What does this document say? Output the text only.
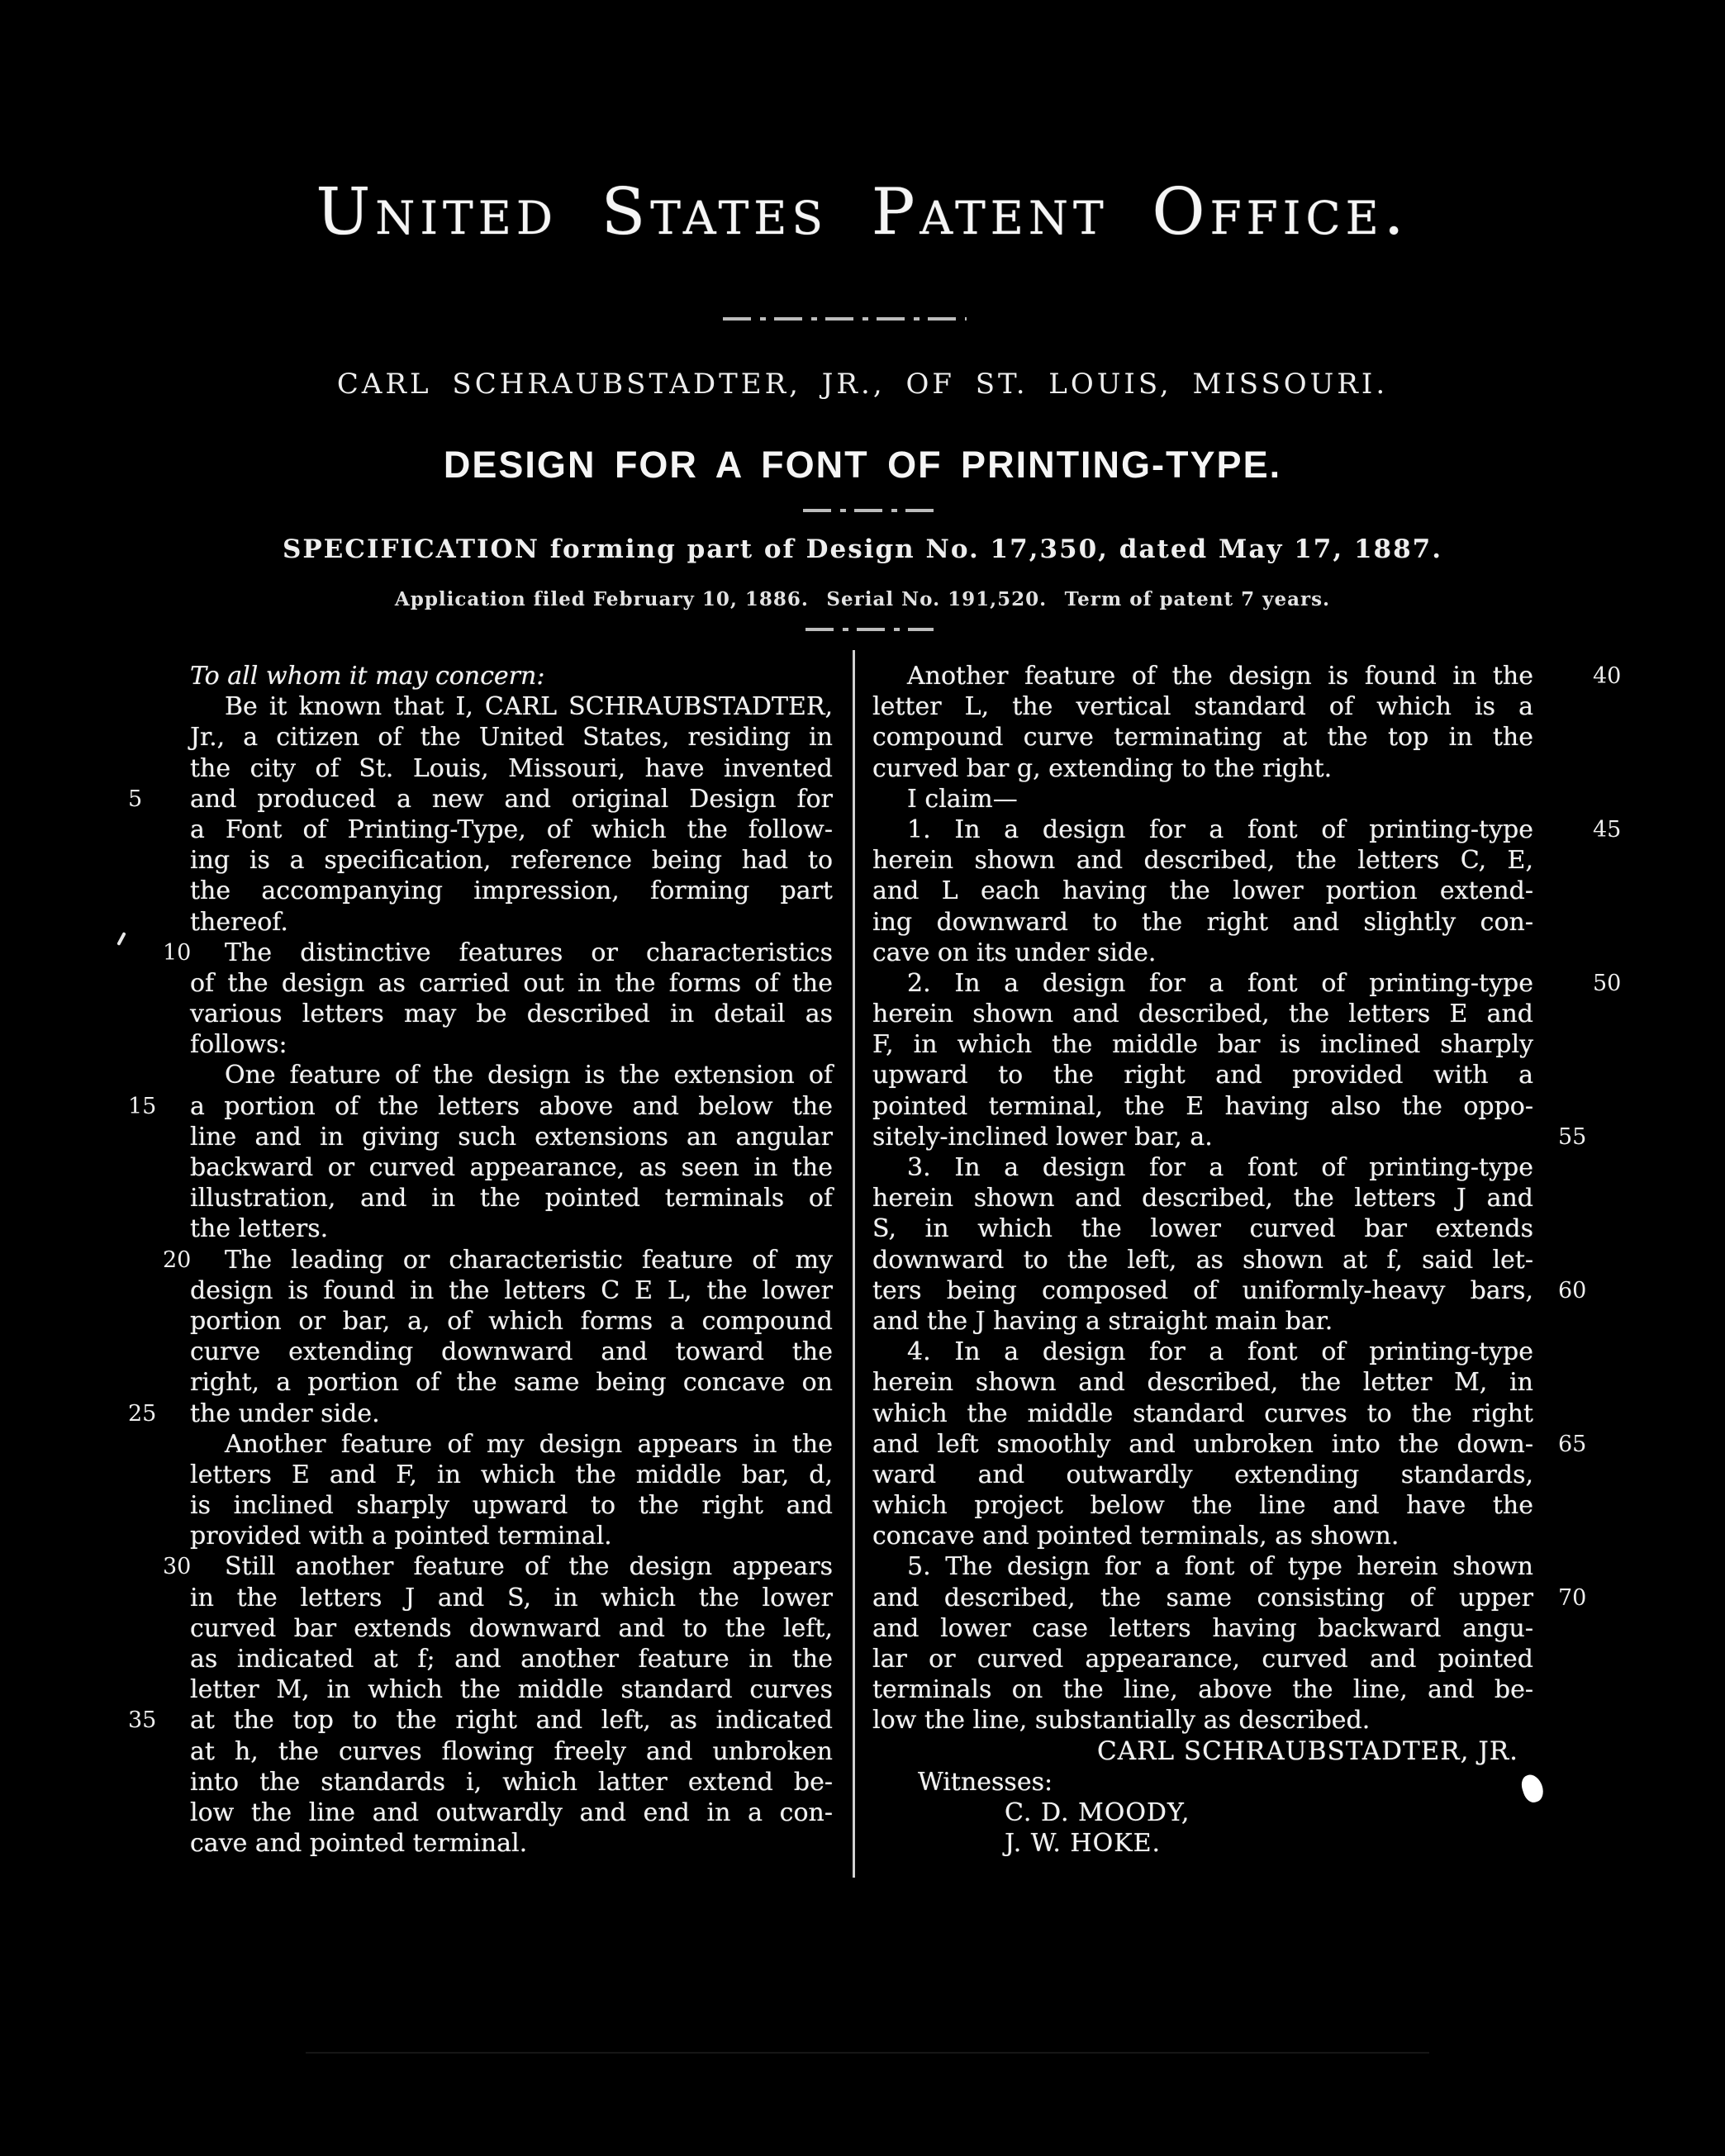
United States Patent Office.
CARL SCHRAUBSTADTER, JR., OF ST. LOUIS, MISSOURI.
DESIGN FOR A FONT OF PRINTING-TYPE.
SPECIFICATION forming part of Design No. 17,350, dated May 17, 1887.
Application filed February 10, 1886.  Serial No. 191,520.  Term of patent 7 years.
To all whom it may concern:
Be it known that I, CARL SCHRAUBSTADTER,
Jr., a citizen of the United States, residing in
the city of St. Louis, Missouri, have invented
5	and produced a new and original Design for
a Font of Printing-Type, of which the follow-
ing is a specification, reference being had to
the accompanying impression, forming part
thereof.
10 The distinctive features or characteristics
of the design as carried out in the forms of the
various letters may be described in detail as
follows:
One feature of the design is the extension of
15	a portion of the letters above and below the
line and in giving such extensions an angular
backward or curved appearance, as seen in the
illustration, and in the pointed terminals of
the letters.
20 The leading or characteristic feature of my
design is found in the letters C E L, the lower
portion or bar, a, of which forms a compound
curve extending downward and toward the
right, a portion of the same being concave on
25	the under side.
Another feature of my design appears in the
letters E and F, in which the middle bar, d,
is inclined sharply upward to the right and
provided with a pointed terminal.
30 Still another feature of the design appears
in the letters J and S, in which the lower
curved bar extends downward and to the left,
as indicated at f; and another feature in the
letter M, in which the middle standard curves
35	at the top to the right and left, as indicated
at h, the curves flowing freely and unbroken
into the standards i, which latter extend be-
low the line and outwardly and end in a con-
cave and pointed terminal.
40
Another feature of the design is found in the
letter L, the vertical standard of which is a
compound curve terminating at the top in the
curved bar g, extending to the right.
I claim—
45
1. In a design for a font of printing-type
herein shown and described, the letters C, E,
and L each having the lower portion extend-
ing downward to the right and slightly con-
cave on its under side.
50
2. In a design for a font of printing-type
herein shown and described, the letters E and
F, in which the middle bar is inclined sharply
upward to the right and provided with a
pointed terminal, the E having also the oppo-
55
sitely-inclined lower bar, a.
3. In a design for a font of printing-type
herein shown and described, the letters J and
S, in which the lower curved bar extends
downward to the left, as shown at f, said let-
60
ters being composed of uniformly-heavy bars,
and the J having a straight main bar.
4. In a design for a font of printing-type
herein shown and described, the letter M, in
which the middle standard curves to the right
65
and left smoothly and unbroken into the down-
ward and outwardly extending standards,
which project below the line and have the
concave and pointed terminals, as shown.
5. The design for a font of type herein shown
70
and described, the same consisting of upper
and lower case letters having backward angu-
lar or curved appearance, curved and pointed
terminals on the line, above the line, and be-
low the line, substantially as described.
CARL SCHRAUBSTADTER, JR.
Witnesses:
C. D. MOODY,
J. W. HOKE.
